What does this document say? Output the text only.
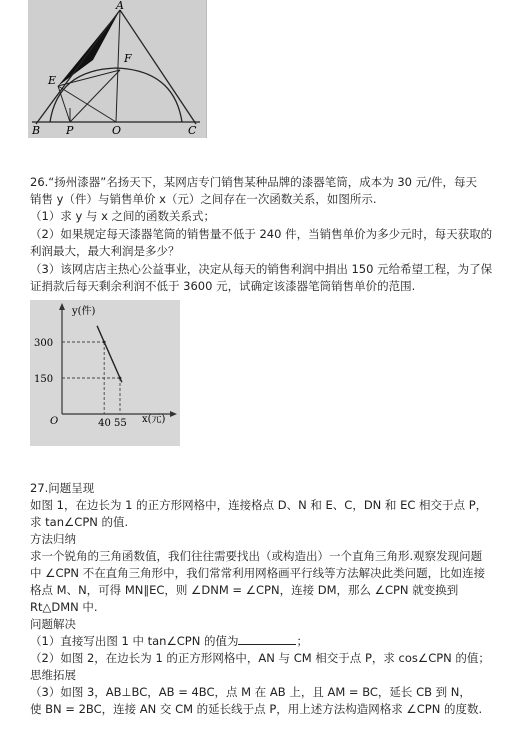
A
E
F
B P	O	C
26.“扬州漆器”名扬天下，某网店专门销售某种品牌的漆器笔筒，成本为 30 元/件，每天
销售 y（件）与销售单价 x（元）之间存在一次函数关系，如图所示.
（1）求 y 与 x 之间的函数关系式；
（2）如果规定每天漆器笔筒的销售量不低于 240 件，当销售单价为多少元时，每天获取的
利润最大，最大利润是多少？
（3）该网店店主热心公益事业，决定从每天的销售利润中捐出 150 元给希望工程，为了保
证捐款后每天剩余利润不低于 3600 元，试确定该漆器笔筒销售单价的范围.
y(件)
x(元)
O
300
150
40 55
27.问题呈现
如图 1，在边长为 1 的正方形网格中，连接格点 D、N 和 E、C，DN 和 EC 相交于点 P，
求 tan∠CPN 的值.
方法归纳
求一个锐角的三角函数值，我们往往需要找出（或构造出）一个直角三角形.观察发现问题
中 ∠CPN 不在直角三角形中，我们常常利用网格画平行线等方法解决此类问题，比如连接
格点 M、N，可得 MN∥EC，则 ∠DNM = ∠CPN，连接 DM，那么 ∠CPN 就变换到
Rt△DMN 中.
问题解决
（1）直接写出图 1 中 tan∠CPN 的值为	；
（2）如图 2，在边长为 1 的正方形网格中，AN 与 CM 相交于点 P，求 cos∠CPN 的值；
思维拓展
（3）如图 3，AB⊥BC，AB = 4BC，点 M 在 AB 上，且 AM = BC，延长 CB 到 N，
使 BN = 2BC，连接 AN 交 CM 的延长线于点 P，用上述方法构造网格求 ∠CPN 的度数.
